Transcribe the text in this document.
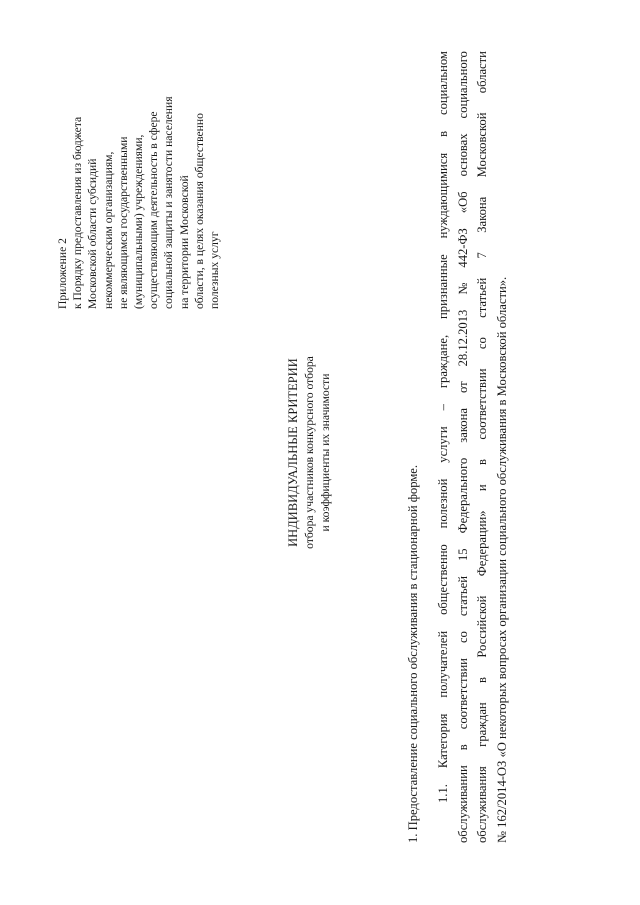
Приложение 2 к Порядку предоставления из бюджета Московской области субсидий некоммерческим организациям, не являющимся государственными (муниципальными) учреждениями, осуществляющим деятельность в сфере социальной защиты и занятости населения на территории Московской области, в целях оказания общественно полезных услуг
ИНДИВИДУАЛЬНЫЕ КРИТЕРИИ отбора участников конкурсного отбора и коэффициенты их значимости
1. Предоставление социального обслуживания в стационарной форме. 1.1.
Категория
получателей
общественно
полезной
услуги
–
граждане,
признанные
нуждающимися
в
социальном
обслуживании
в
соответствии
со
статьей
15
Федерального
закона
от
28.12.2013
№
442-ФЗ
«Об
основах
социального
обслуживания
граждан
в
Российской
Федерации»
и
в
соответствии
со
статьей
7
Закона
Московской
области
№ 162/2014-ОЗ «О некоторых вопросах организации социального обслуживания в Московской области».
